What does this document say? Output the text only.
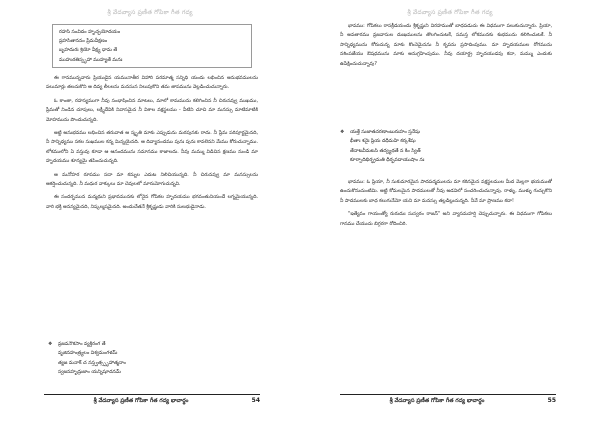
శ్రీ వేదవ్యాస ప్రణీత గోపికా గీత గద్య
రహసి సంవిదం హృచ్ఛయోదయం
ప్రహసితాననం ప్రేమవీక్షణం
బృహదురః శ్రియో వీక్ష్య ధామ తే
ముహురతిస్పృహా ముహ్యతే మనః

ఈ గానమున్నవారు ప్రియుడైన యమునాతీర విహారి పరమాత్మ సన్నిధి యందు లభించిన అనుభవములను పలుమార్లు తలచుకొని ఆ దివ్య లీలలను మనసున నిలుపుకొని తమ తాపమును వెల్లడించుచున్నారు.

ఓ కాంతా, రహస్యముగా నీవు సంభాషించిన మాటలు, మాలో కామమును కలిగించిన నీ చిరునవ్వు ముఖము, ప్రేమతో నిండిన చూపులు, లక్ష్మీదేవికి నివాసమైన నీ విశాల వక్షస్థలము - వీటిని చూచి మా మనస్సు మాటిమాటికి మోహమును పొందుచున్నది.

అట్టి అనుభవము లభించిన తరువాత ఆ స్మృతి మాకు ఎప్పుడును మరపునకు రాదు. నీ ప్రేమ పరిపూర్ణమైనది, నీ సాన్నిధ్యము సకల సుఖముల కన్న మిన్నయైనది. ఆ దివ్యానందము పునః పునః కావలెనని మేము కోరుచున్నాము. లోకములోని ఏ వస్తువు కూడా ఆ ఆనందమును సమానము కాజాలదు. నీవు మమ్ము విడిచిన క్షణము నుండి మా హృదయము శూన్యమై తపించుచున్నది.

ఆ మనోహర రూపము సదా మా కన్నుల ఎదుట నిలిచియున్నది. నీ చిరునవ్వు మా మనస్సులను ఆకర్షించుచున్నది. నీ మధుర వాక్కులు మా చెవులలో మారుమోగుచున్నవి.

ఈ సందర్భమున మన్మథుని ప్రభావమునకు లోనైన గోపికల హృదయము భగవంతునియందే లగ్నమైయున్నది. వారి భక్తి అనన్యమైనది, నిష్కల్మషమైనది. అందుచేతనే శ్రీకృష్ణుడు వారికి సులభుడైనాడు.

❖ వ్రజవనౌకసాం వ్యక్తిరంగ తే
వృజినహంత్ర్యలం విశ్వమంగళమ్
త్యజ మనాక్ చ నస్త్వత్స్పృహాత్మనాం
స్వజనహృద్రుజాం యన్నిషూదనమ్
శ్రీ వేదవ్యాస ప్రణీత గోపికా గీత గద్య భావార్థం	54
శ్రీ వేదవ్యాస ప్రణీత గోపికా గీత గద్య

భావము: గోపికలు రాసక్రీడయందు శ్రీకృష్ణుని విరహముతో బాధపడుచు ఈ విధముగా పలుకుచున్నారు. ప్రియా, నీ అవతారము వ్రజవాసుల దుఃఖములను తొలగించుటకే, సమస్త లోకమునకు శుభమును కలిగించుటకే. నీ సాన్నిధ్యమును కోరుచున్న మాకు కొంచెమైనను నీ కృపను ప్రసాదింపుము. మా హృదయముల రోగమును నశింపజేయు ఔషధమును మాకు అనుగ్రహింపుము. నీవు దయార్ద్ర హృదయుడవు కదా, మమ్ము ఎందుకు ఉపేక్షించుచున్నావు?

❖ యత్తే సుజాతచరణాంబురుహం స్తనేషు
భీతాః శనైః ప్రియ దధీమహి కర్కశేషు
తేనాటవీమటసి తద్వ్యథతే న కిం స్విత్
కూర్పాదిభిర్భ్రమతి ధీర్భవదాయుషాం నః

భావము: ఓ ప్రియా, నీ సుకుమారమైన పాదపద్మములను మా కఠినమైన వక్షస్థలముల మీద మెల్లగా భయముతో ఉంచుకొనుచుంటిమి. అట్టి కోమలమైన పాదములతో నీవు అడవిలో సంచరించుచున్నావు. రాళ్ళు, ముళ్ళు గుచ్చుకొని నీ పాదములకు బాధ కలుగునేమో యని మా మనస్సు తల్లడిల్లుచున్నది. నీవే మా ప్రాణము కదా!

"ఇత్యేవం గాయంత్యో రురుదుః సుస్వరం రాజన్" అని వ్యాసమహర్షి చెప్పుచున్నారు. ఈ విధముగా గోపికలు గానము చేయుచు బిగ్గరగా రోదించిరి.

శ్రీ వేదవ్యాస ప్రణీత గోపికా గీత గద్య భావార్థం	55
